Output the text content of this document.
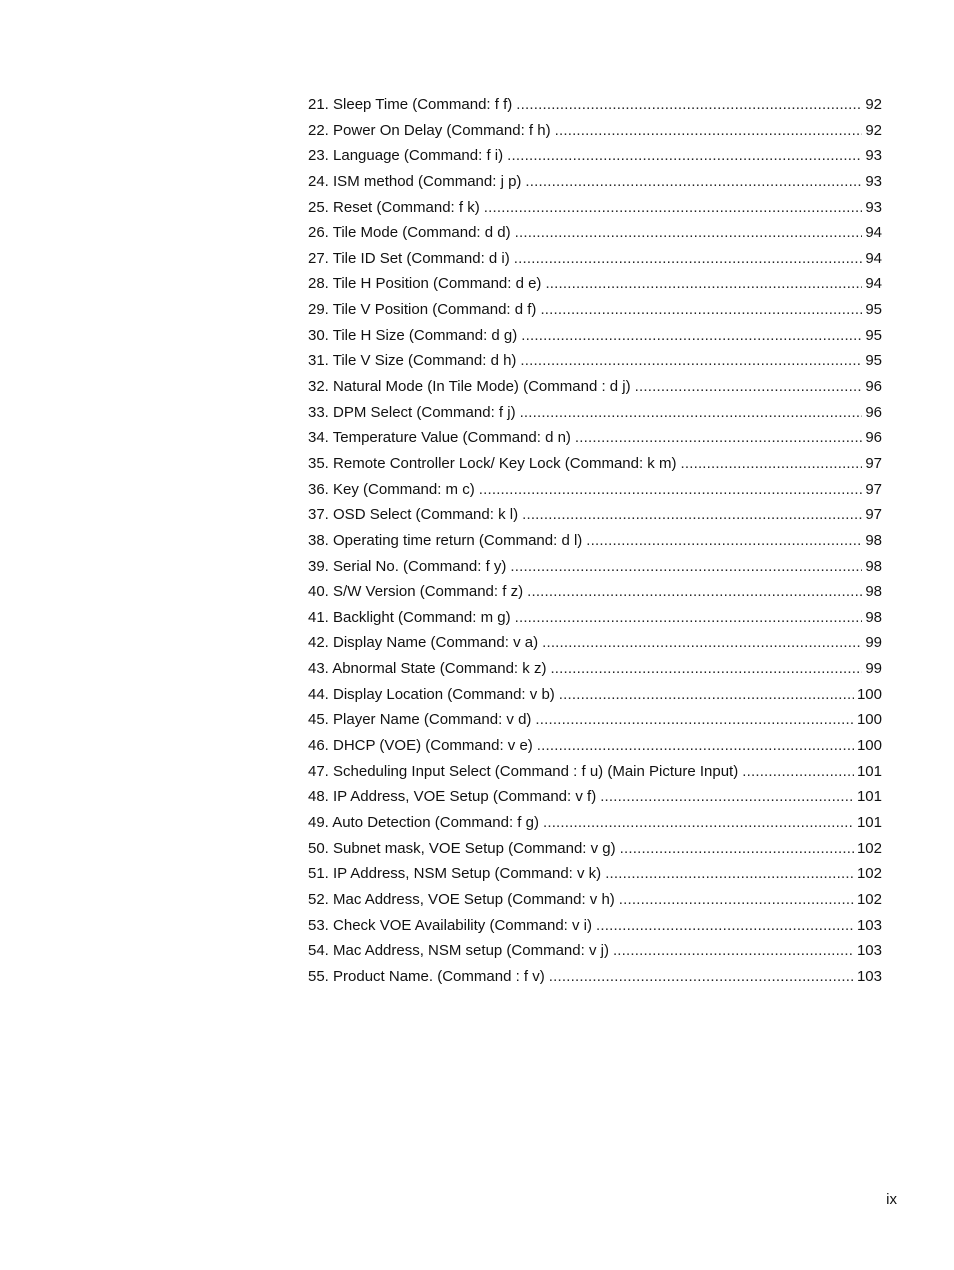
21. Sleep Time (Command: f f) .....	92
22. Power On Delay (Command: f h) .....	92
23. Language (Command: f i) .....	93
24. ISM method (Command: j p) .....	93
25. Reset (Command: f k) .....	93
26. Tile Mode (Command: d d) .....	94
27. Tile ID Set (Command: d i) .....	94
28. Tile H Position (Command: d e) .....	94
29. Tile V Position (Command: d f) .....	95
30. Tile H Size (Command: d g) .....	95
31. Tile V Size (Command: d h) .....	95
32. Natural Mode (In Tile Mode) (Command : d j) .....	96
33. DPM Select (Command: f j) .....	96
34. Temperature Value (Command: d n) .....	96
35. Remote Controller Lock/ Key Lock (Command: k m) .....	97
36. Key (Command: m c) .....	97
37. OSD Select (Command: k l) .....	97
38. Operating time return (Command: d l) .....	98
39. Serial No. (Command: f y) .....	98
40. S/W Version (Command: f z) .....	98
41. Backlight (Command: m g) .....	98
42. Display Name (Command: v a) .....	99
43. Abnormal State (Command: k z) .....	99
44. Display Location (Command: v b) .....	100
45. Player Name (Command: v d) .....	100
46. DHCP (VOE) (Command: v e) .....	100
47. Scheduling Input Select (Command : f u) (Main Picture Input) .....	101
48. IP Address, VOE Setup (Command: v f) .....	101
49. Auto Detection (Command: f g) .....	101
50. Subnet mask, VOE Setup (Command: v g) .....	102
51. IP Address, NSM Setup (Command: v k) .....	102
52. Mac Address, VOE Setup (Command: v h) .....	102
53. Check VOE Availability (Command: v i) .....	103
54. Mac Address, NSM setup (Command: v j) .....	103
55. Product Name. (Command : f v) .....	103
ix
